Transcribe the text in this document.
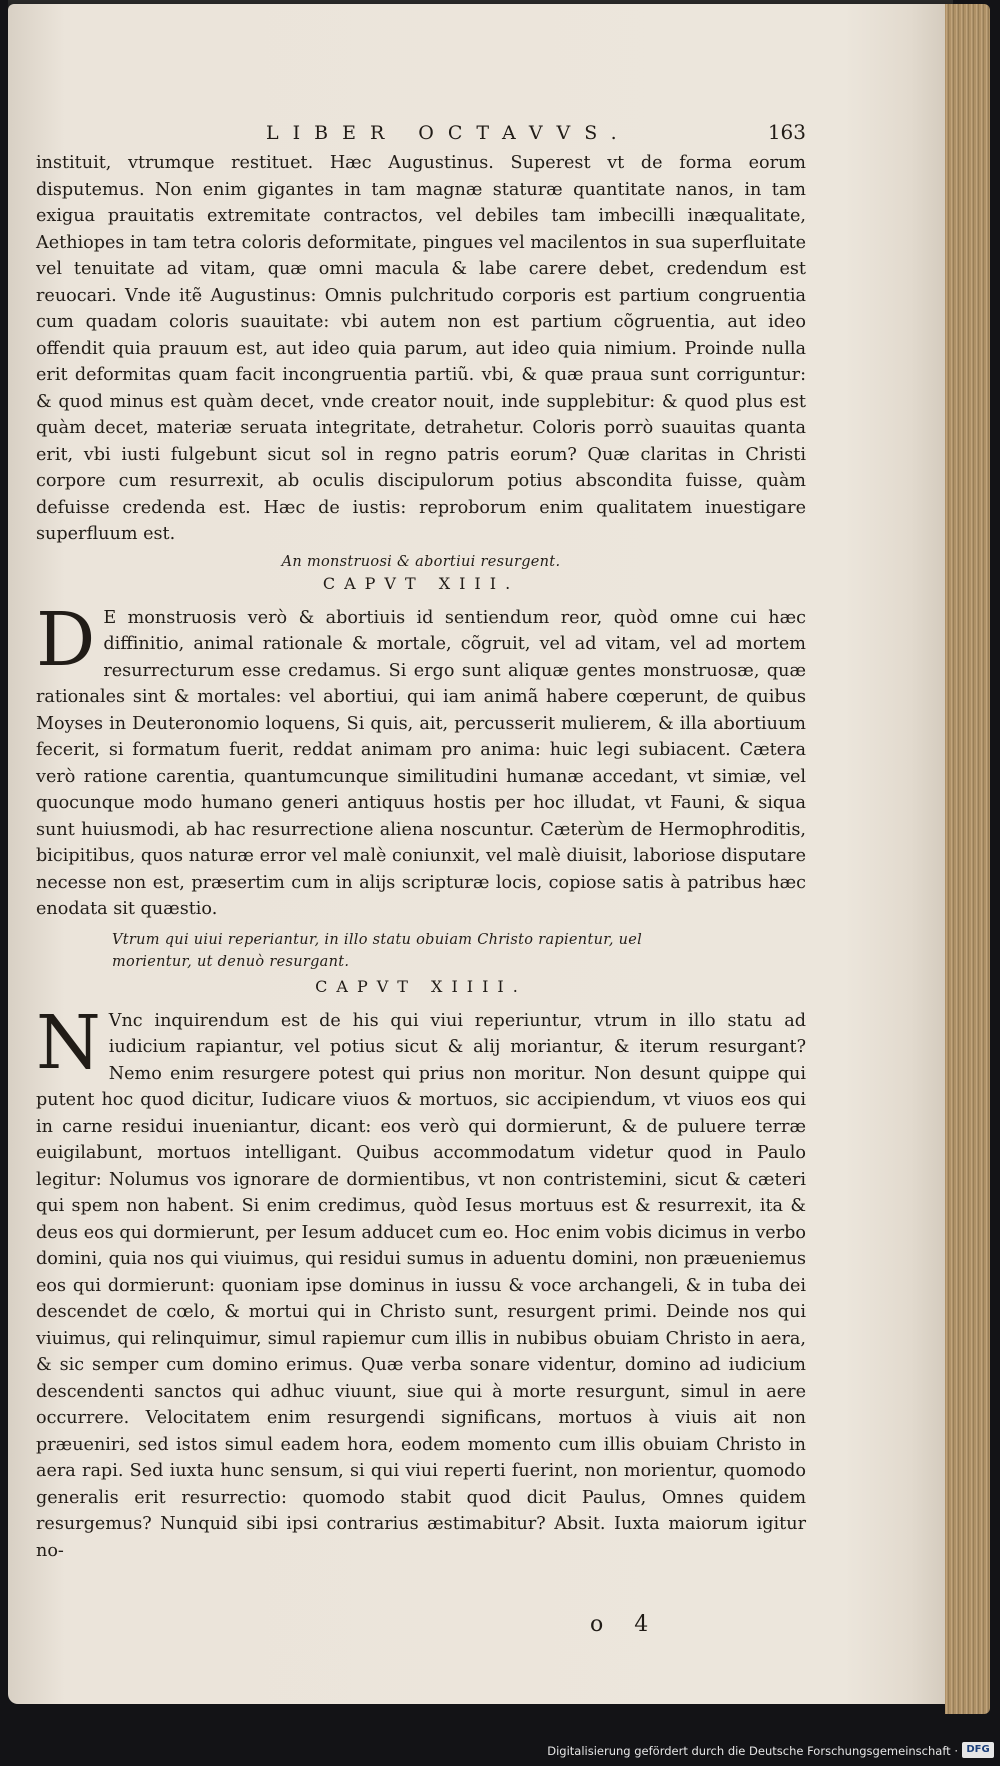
LIBER OCTAVVS.	163

instituit, vtrumque restituet. Hæc Augustinus. Superest vt de forma eorum disputemus. Non enim gigantes in tam magnæ staturæ quantitate nanos, in tam exigua prauitatis extremitate contractos, vel debiles tam imbecilli inæqualitate, Aethiopes in tam tetra coloris deformitate, pingues vel macilentos in sua superfluitate vel tenuitate ad vitam, quæ omni macula & labe carere debet, credendum est reuocari. Vnde itẽ Augustinus: Omnis pulchritudo corporis est partium congruentia cum quadam coloris suauitate: vbi autem non est partium cõgruentia, aut ideo offendit quia prauum est, aut ideo quia parum, aut ideo quia nimium. Proinde nulla erit deformitas quam facit incongruentia partiũ. vbi, & quæ praua sunt corriguntur: & quod minus est quàm decet, vnde creator nouit, inde supplebitur: & quod plus est quàm decet, materiæ seruata integritate, detrahetur. Coloris porrò suauitas quanta erit, vbi iusti fulgebunt sicut sol in regno patris eorum? Quæ claritas in Christi corpore cum resurrexit, ab oculis discipulorum potius abscondita fuisse, quàm defuisse credenda est. Hæc de iustis: reproborum enim qualitatem inuestigare superfluum est.

An monstruosi & abortiui resurgent.
CAPVT XIII.
D E monstruosis verò & abortiuis id sentiendum reor, quòd omne cui hæc diffinitio, animal rationale & mortale, cõgruit, vel ad vitam, vel ad mortem resurrecturum esse credamus. Si ergo sunt aliquæ gentes monstruosæ, quæ rationales sint & mortales: vel abortiui, qui iam animã habere cœperunt, de quibus Moyses in Deuteronomio loquens, Si quis, ait, percusserit mulierem, & illa abortiuum fecerit, si formatum fuerit, reddat animam pro anima: huic legi subiacent. Cætera verò ratione carentia, quantumcunque similitudini humanæ accedant, vt simiæ, vel quocunque modo humano generi antiquus hostis per hoc illudat, vt Fauni, & siqua sunt huiusmodi, ab hac resurrectione aliena noscuntur. Cæterùm de Hermophroditis, bicipitibus, quos naturæ error vel malè coniunxit, vel malè diuisit, laboriose disputare necesse non est, præsertim cum in alijs scripturæ locis, copiose satis à patribus hæc enodata sit quæstio.

Vtrum qui uiui reperiantur, in illo statu obuiam Christo rapientur, uel morientur, ut denuò resurgant.
CAPVT XIIII.
N Vnc inquirendum est de his qui viui reperiuntur, vtrum in illo statu ad iudicium rapiantur, vel potius sicut & alij moriantur, & iterum resurgant? Nemo enim resurgere potest qui prius non moritur. Non desunt quippe qui putent hoc quod dicitur, Iudicare viuos & mortuos, sic accipiendum, vt viuos eos qui in carne residui inueniantur, dicant: eos verò qui dormierunt, & de puluere terræ euigilabunt, mortuos intelligant. Quibus accommodatum videtur quod in Paulo legitur: Nolumus vos ignorare de dormientibus, vt non contristemini, sicut & cæteri qui spem non habent. Si enim credimus, quòd Iesus mortuus est & resurrexit, ita & deus eos qui dormierunt, per Iesum adducet cum eo. Hoc enim vobis dicimus in verbo domini, quia nos qui viuimus, qui residui sumus in aduentu domini, non præueniemus eos qui dormierunt: quoniam ipse dominus in iussu & voce archangeli, & in tuba dei descendet de cœlo, & mortui qui in Christo sunt, resurgent primi. Deinde nos qui viuimus, qui relinquimur, simul rapiemur cum illis in nubibus obuiam Christo in aera, & sic semper cum domino erimus. Quæ verba sonare videntur, domino ad iudicium descendenti sanctos qui adhuc viuunt, siue qui à morte resurgunt, simul in aere occurrere. Velocitatem enim resurgendi significans, mortuos à viuis ait non præueniri, sed istos simul eadem hora, eodem momento cum illis obuiam Christo in aera rapi. Sed iuxta hunc sensum, si qui viui reperti fuerint, non morientur, quomodo generalis erit resurrectio: quomodo stabit quod dicit Paulus, Omnes quidem resurgemus? Nunquid sibi ipsi contrarius æstimabitur? Absit. Iuxta maiorum igitur no-

o 4
Digitalisierung gefördert durch die Deutsche Forschungsgemeinschaft · DFG
